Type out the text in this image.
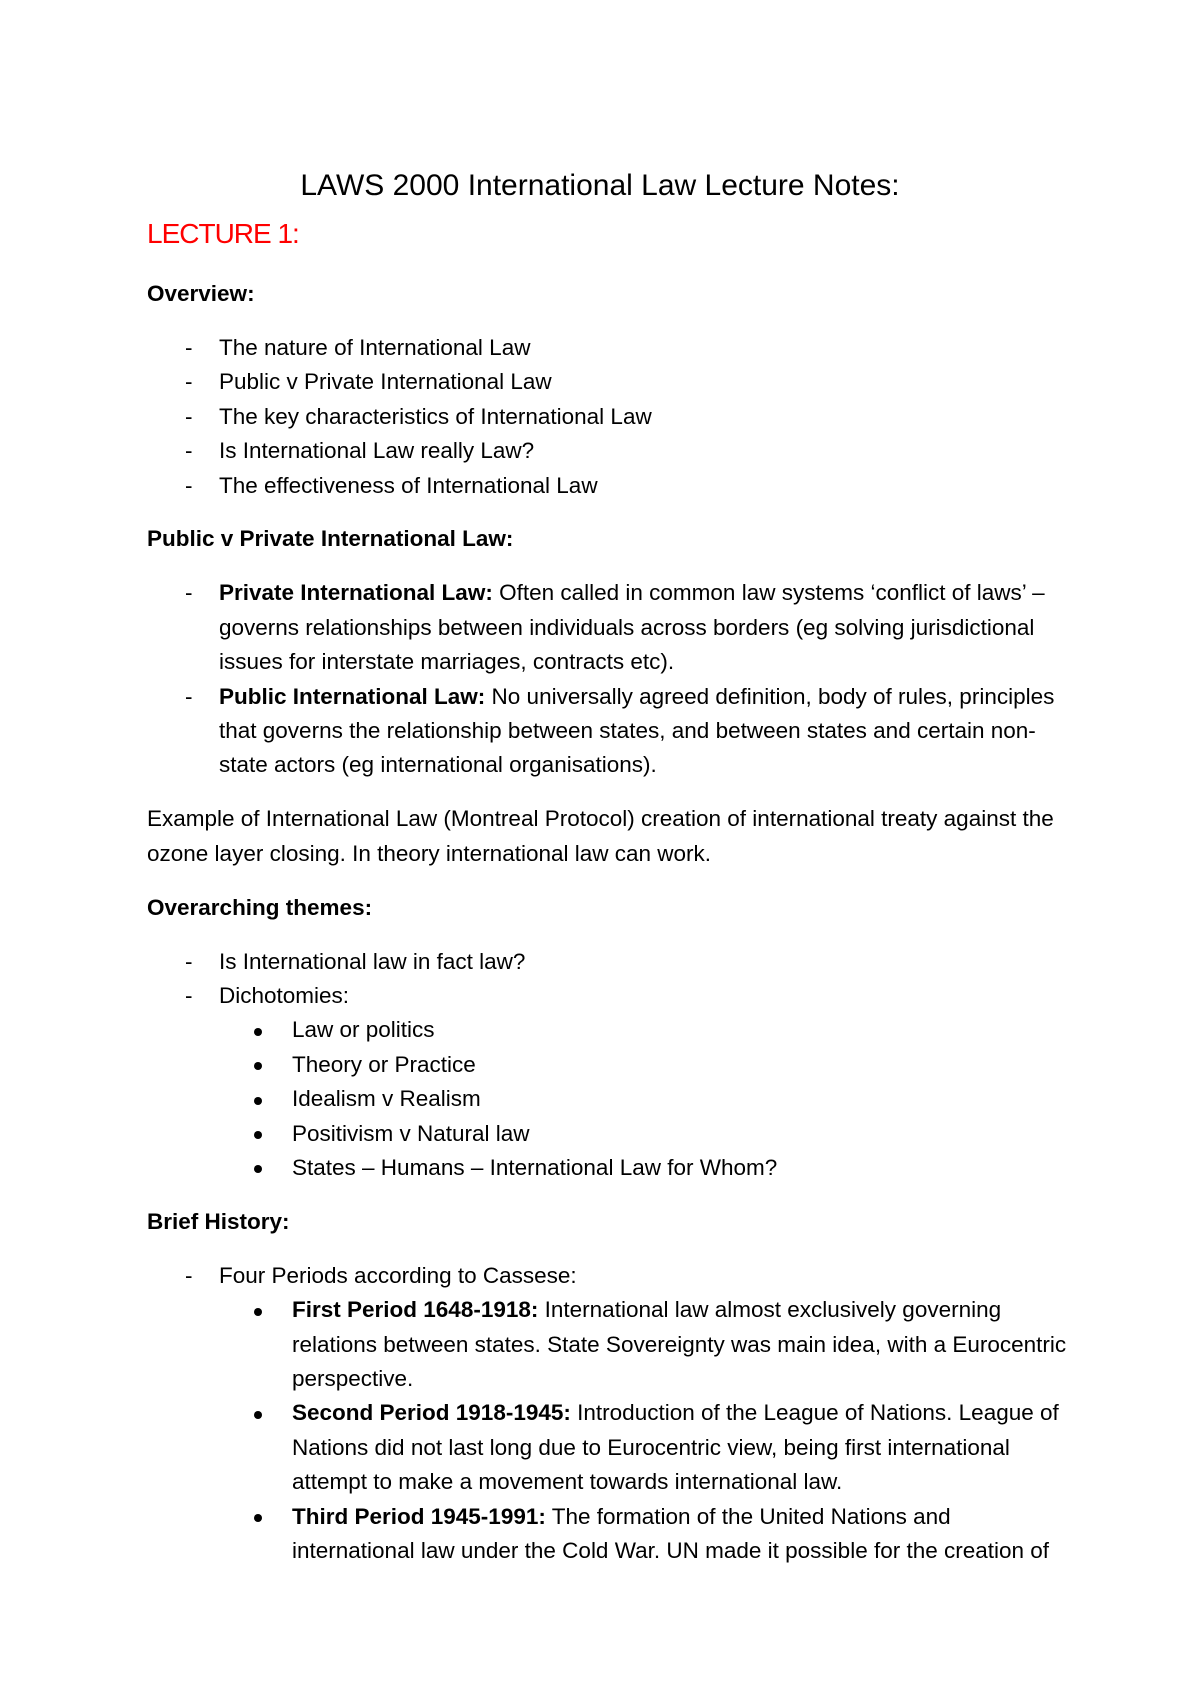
LAWS 2000 International Law Lecture Notes:
LECTURE 1:
Overview:
- The nature of International Law
- Public v Private International Law
- The key characteristics of International Law
- Is International Law really Law?
- The effectiveness of International Law
Public v Private International Law:
- Private International Law: Often called in common law systems ‘conflict of laws’ –
governs relationships between individuals across borders (eg solving jurisdictional
issues for interstate marriages, contracts etc).
- Public International Law: No universally agreed definition, body of rules, principles
that governs the relationship between states, and between states and certain non-
state actors (eg international organisations).
Example of International Law (Montreal Protocol) creation of international treaty against the
ozone layer closing. In theory international law can work.
Overarching themes:
- Is International law in fact law?
- Dichotomies:
Law or politics
Theory or Practice
Idealism v Realism
Positivism v Natural law
States – Humans – International Law for Whom?
Brief History:
- Four Periods according to Cassese:
First Period 1648-1918: International law almost exclusively governing
relations between states. State Sovereignty was main idea, with a Eurocentric
perspective.
Second Period 1918-1945: Introduction of the League of Nations. League of
Nations did not last long due to Eurocentric view, being first international
attempt to make a movement towards international law.
Third Period 1945-1991: The formation of the United Nations and
international law under the Cold War. UN made it possible for the creation of
